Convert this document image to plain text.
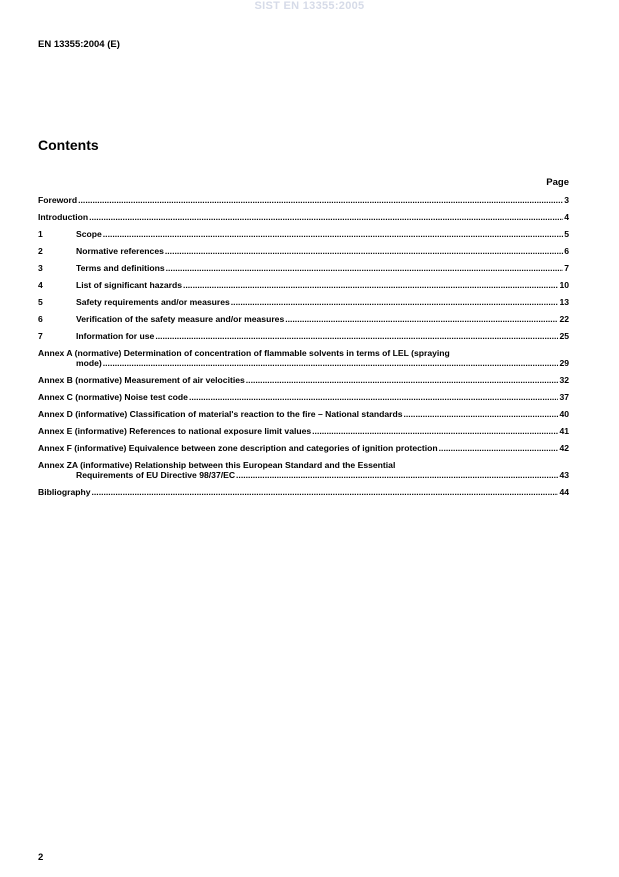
SIST EN 13355:2005
EN 13355:2004 (E)
Contents
Page
Foreword .....	3
Introduction .....	4
1	Scope .....	5
2	Normative references .....	6
3	Terms and definitions .....	7
4	List of significant hazards .....	10
5	Safety requirements and/or measures .....	13
6	Verification of the safety measure and/or measures .....	22
7	Information for use .....	25
Annex A (normative) Determination of concentration of flammable solvents in terms of LEL (spraying
mode) .....	29
Annex B (normative) Measurement of air velocities .....	32
Annex C (normative) Noise test code .....	37
Annex D (informative) Classification of material's reaction to the fire – National standards .....	40
Annex E (informative) References to national exposure limit values .....	41
Annex F (informative) Equivalence between zone description and categories of ignition protection .....	42
Annex ZA (informative) Relationship between this European Standard and the Essential
Requirements of EU Directive 98/37/EC .....	43
Bibliography .....	44
2
